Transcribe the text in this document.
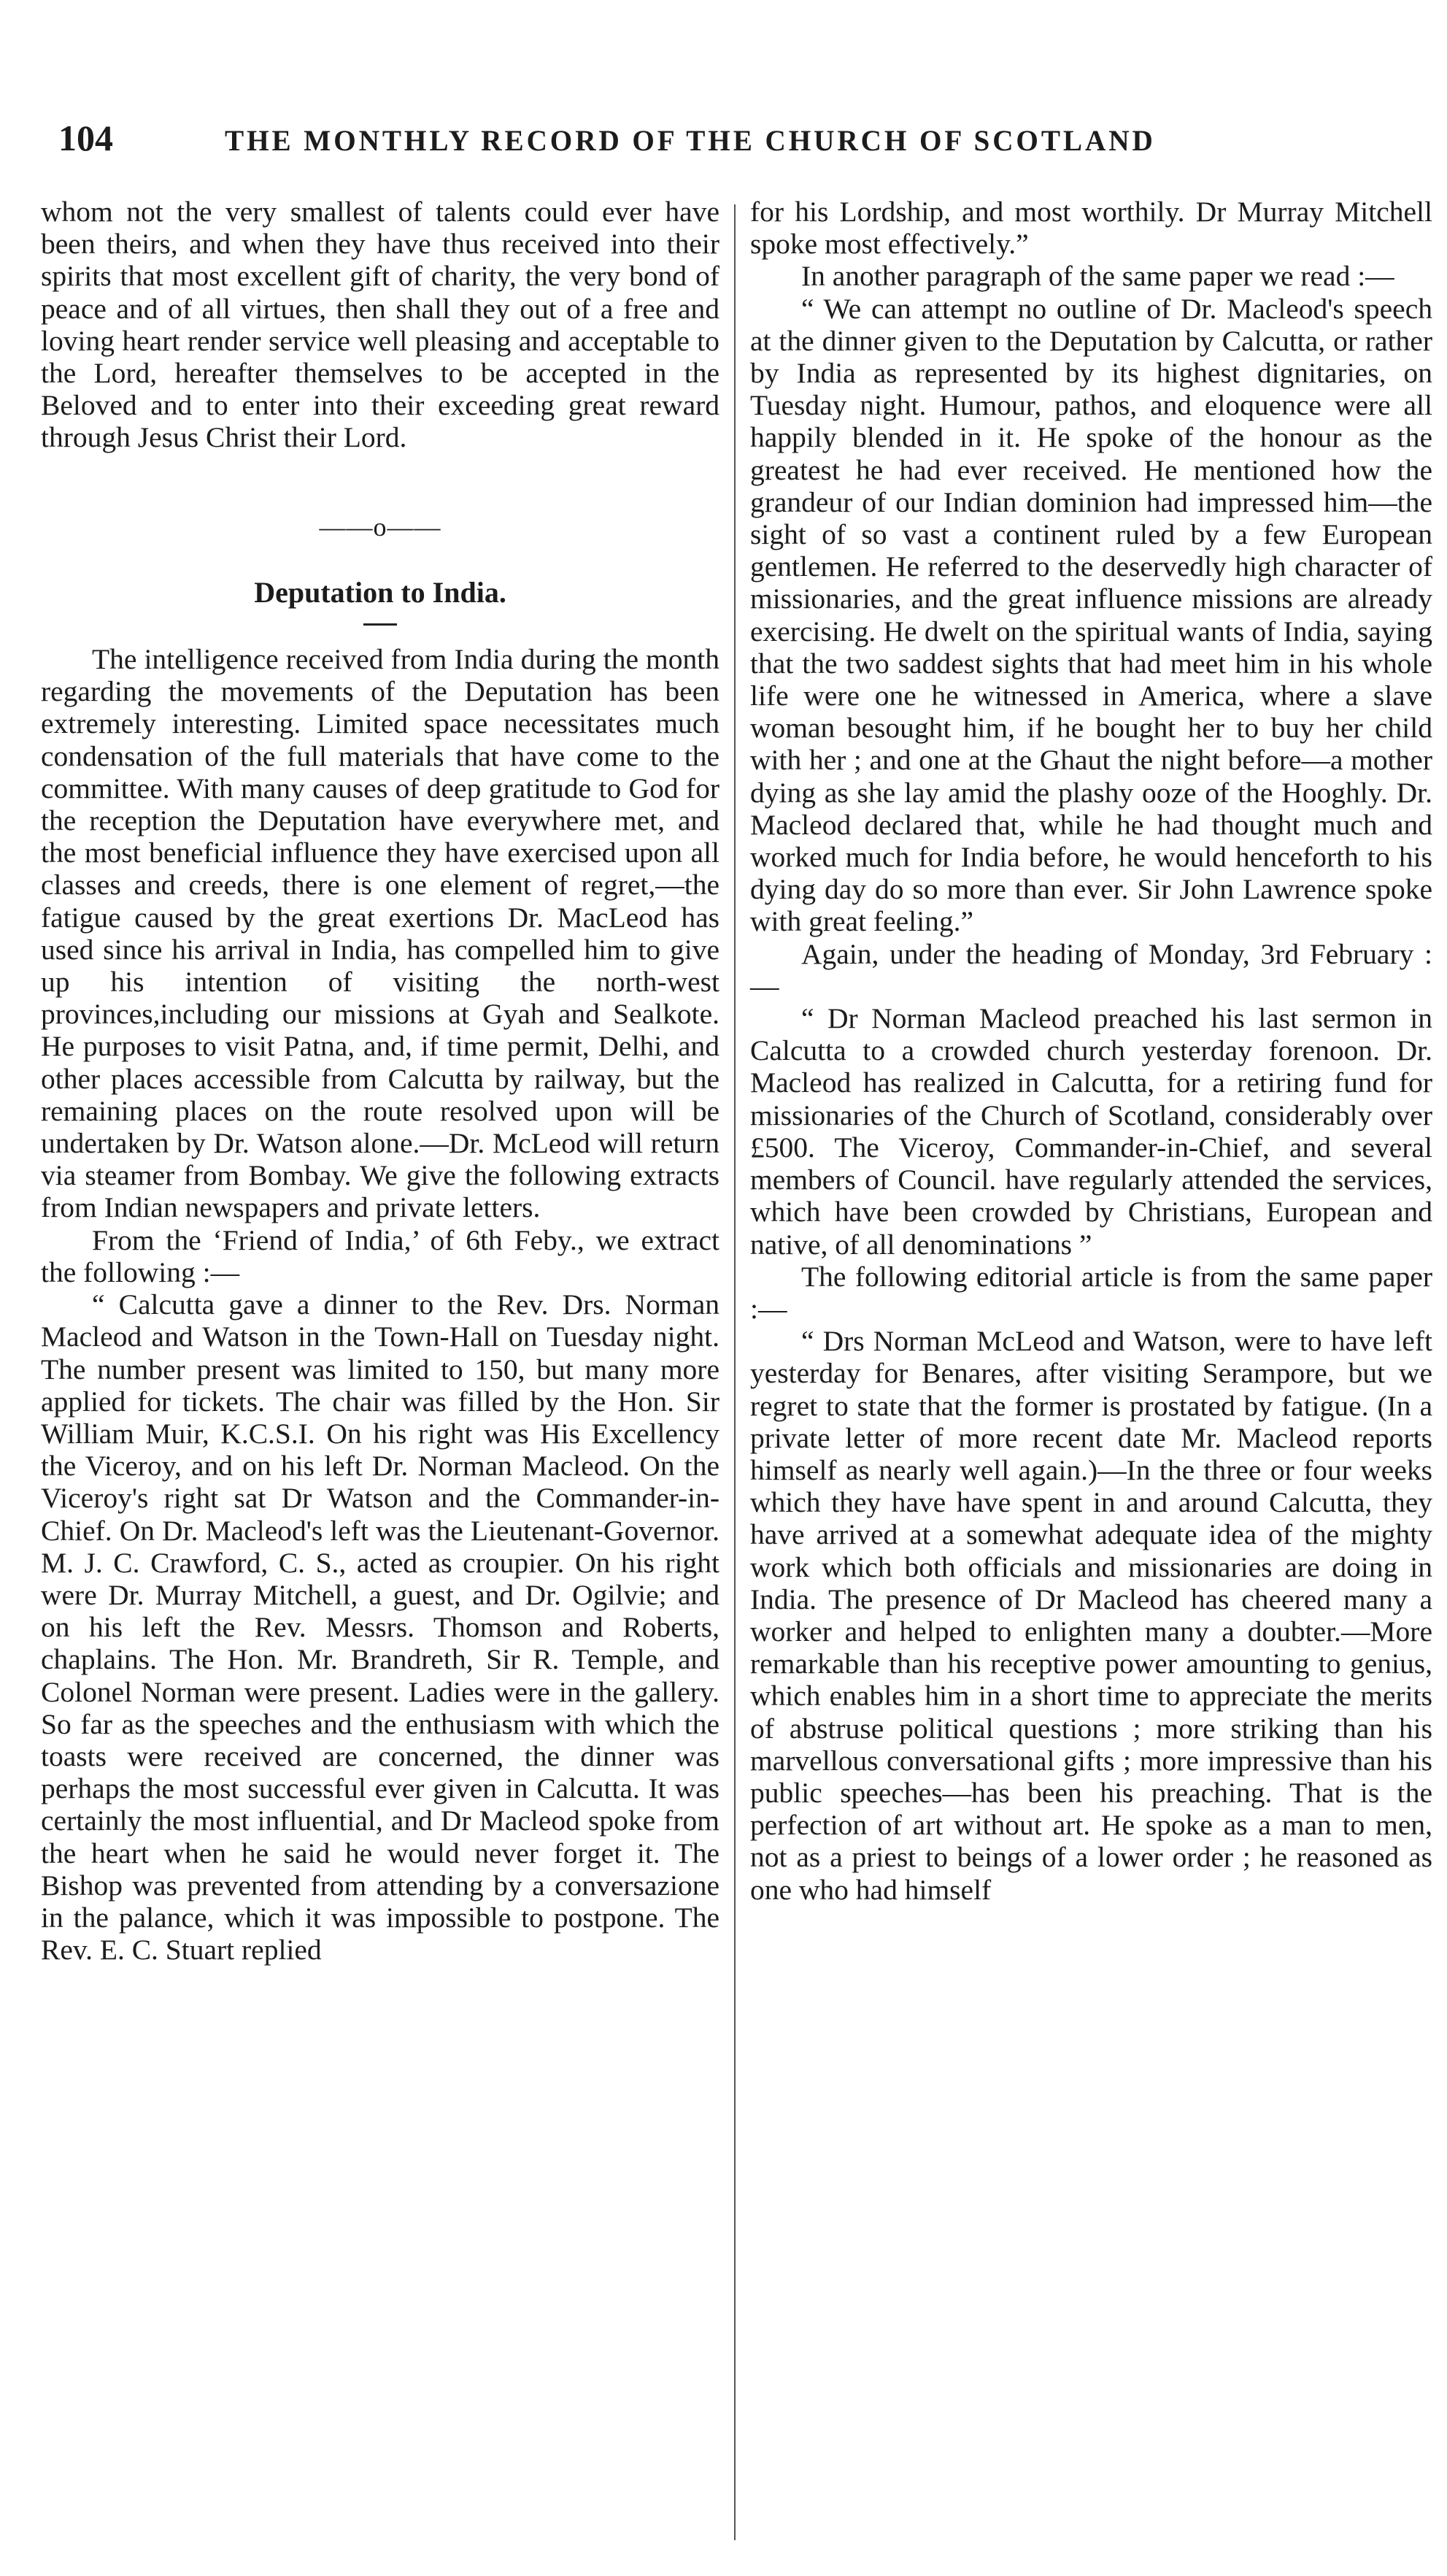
104	THE MONTHLY RECORD OF THE CHURCH OF SCOTLAND

whom not the very smallest of talents could ever have been theirs, and when they have thus received into their spirits that most excellent gift of charity, the very bond of peace and of all virtues, then shall they out of a free and loving heart render service well pleasing and acceptable to the Lord, hereafter themselves to be accepted in the Beloved and to enter into their exceeding great reward through Jesus Christ their Lord.

——o——

Deputation to India.

The intelligence received from India during the month regarding the movements of the Deputation has been extremely interesting. Limited space necessitates much condensation of the full materials that have come to the committee. With many causes of deep gratitude to God for the reception the Deputation have everywhere met, and the most beneficial influence they have exercised upon all classes and creeds, there is one element of regret,—the fatigue caused by the great exertions Dr. MacLeod has used since his arrival in India, has compelled him to give up his intention of visiting the north-west provinces,including our missions at Gyah and Sealkote. He purposes to visit Patna, and, if time permit, Delhi, and other places accessible from Calcutta by railway, but the remaining places on the route resolved upon will be undertaken by Dr. Watson alone.—Dr. McLeod will return via steamer from Bombay. We give the following extracts from Indian newspapers and private letters.

From the ‘Friend of India,’ of 6th Feby., we extract the following :—

“ Calcutta gave a dinner to the Rev. Drs. Norman Macleod and Watson in the Town-Hall on Tuesday night. The number present was limited to 150, but many more applied for tickets. The chair was filled by the Hon. Sir William Muir, K.C.S.I. On his right was His Excellency the Viceroy, and on his left Dr. Norman Macleod. On the Viceroy's right sat Dr Watson and the Commander-in-Chief. On Dr. Macleod's left was the Lieutenant-Governor. M. J. C. Crawford, C. S., acted as croupier. On his right were Dr. Murray Mitchell, a guest, and Dr. Ogilvie; and on his left the Rev. Messrs. Thomson and Roberts, chaplains. The Hon. Mr. Brandreth, Sir R. Temple, and Colonel Norman were present. Ladies were in the gallery. So far as the speeches and the enthusiasm with which the toasts were received are concerned, the dinner was perhaps the most successful ever given in Calcutta. It was certainly the most influential, and Dr Macleod spoke from the heart when he said he would never forget it. The Bishop was prevented from attending by a conversazione in the palance, which it was impossible to postpone. The Rev. E. C. Stuart replied

for his Lordship, and most worthily. Dr Murray Mitchell spoke most effectively.”

In another paragraph of the same paper we read :—

“ We can attempt no outline of Dr. Macleod's speech at the dinner given to the Deputation by Calcutta, or rather by India as represented by its highest dignitaries, on Tuesday night. Humour, pathos, and eloquence were all happily blended in it. He spoke of the honour as the greatest he had ever received. He mentioned how the grandeur of our Indian dominion had impressed him—the sight of so vast a continent ruled by a few European gentlemen. He referred to the deservedly high character of missionaries, and the great influence missions are already exercising. He dwelt on the spiritual wants of India, saying that the two saddest sights that had meet him in his whole life were one he witnessed in America, where a slave woman besought him, if he bought her to buy her child with her ; and one at the Ghaut the night before—a mother dying as she lay amid the plashy ooze of the Hooghly. Dr. Macleod declared that, while he had thought much and worked much for India before, he would henceforth to his dying day do so more than ever. Sir John Lawrence spoke with great feeling.”

Again, under the heading of Monday, 3rd February :—

“ Dr Norman Macleod preached his last sermon in Calcutta to a crowded church yesterday forenoon. Dr. Macleod has realized in Calcutta, for a retiring fund for missionaries of the Church of Scotland, considerably over £500. The Viceroy, Commander-in-Chief, and several members of Council. have regularly attended the services, which have been crowded by Christians, European and native, of all denominations ”

The following editorial article is from the same paper :—

“ Drs Norman McLeod and Watson, were to have left yesterday for Benares, after visiting Serampore, but we regret to state that the former is prostated by fatigue. (In a private letter of more recent date Mr. Macleod reports himself as nearly well again.)—In the three or four weeks which they have have spent in and around Calcutta, they have arrived at a somewhat adequate idea of the mighty work which both officials and missionaries are doing in India. The presence of Dr Macleod has cheered many a worker and helped to enlighten many a doubter.—More remarkable than his receptive power amounting to genius, which enables him in a short time to appreciate the merits of abstruse political questions ; more striking than his marvellous conversational gifts ; more impressive than his public speeches—has been his preaching. That is the perfection of art without art. He spoke as a man to men, not as a priest to beings of a lower order ; he reasoned as one who had himself
